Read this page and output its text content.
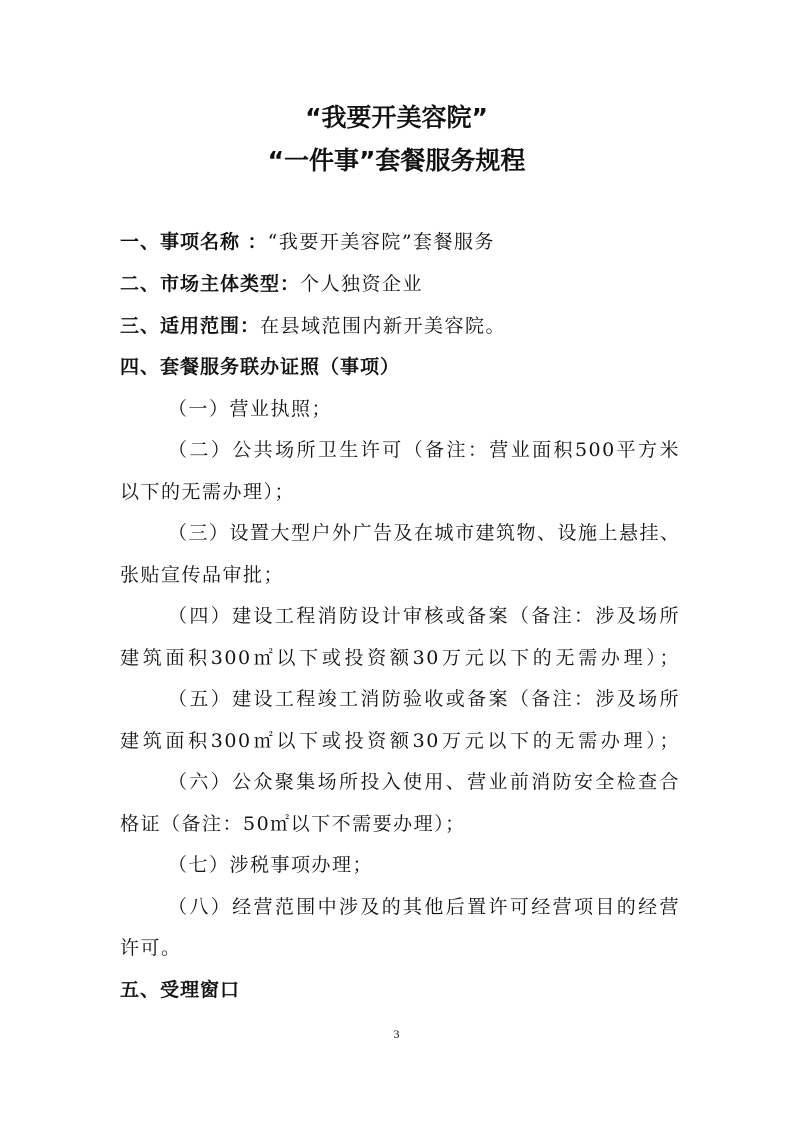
“我要开美容院”
“一件事”套餐服务规程
一、事项名称 ：“我要开美容院”套餐服务
二、市场主体类型：个人独资企业
三、适用范围：在县域范围内新开美容院。
四、套餐服务联办证照（事项）
（一）营业执照；
（二）公共场所卫生许可（备注：营业面积500平方米
以下的无需办理）；
（三）设置大型户外广告及在城市建筑物、设施上悬挂、
张贴宣传品审批；
（四）建设工程消防设计审核或备案（备注：涉及场所
建筑面积300㎡以下或投资额30万元以下的无需办理）；
（五）建设工程竣工消防验收或备案（备注：涉及场所
建筑面积300㎡以下或投资额30万元以下的无需办理）；
（六）公众聚集场所投入使用、营业前消防安全检查合
格证（备注：50㎡以下不需要办理）；
（七）涉税事项办理；
（八）经营范围中涉及的其他后置许可经营项目的经营
许可。
五、受理窗口
3
